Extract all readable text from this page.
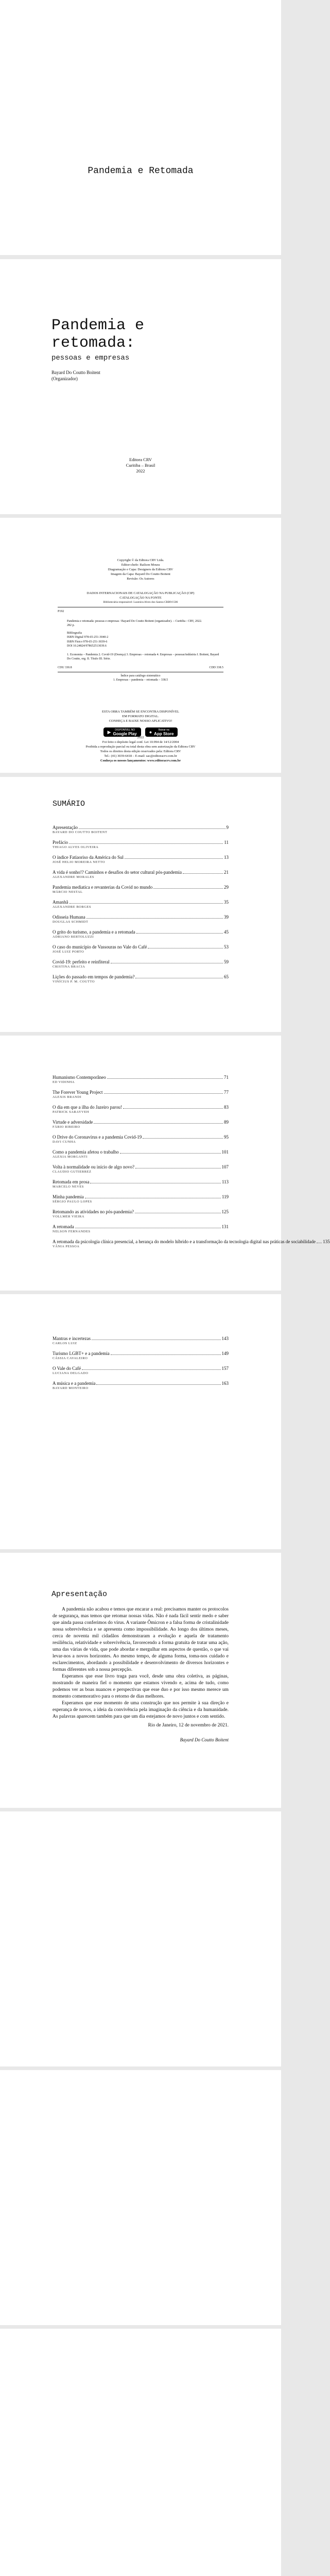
Pandemia e Retomada
Pandemia e
retomada:
pessoas e empresas
Bayard Do Coutto Boitent
(Organizador)
Editora CRV
Curitiba – Brasil
2022
Copyright © da Editora CRV Ltda.
Editor-chefe: Railson Moura
Diagramação e Capa: Designers da Editora CRV
Imagem da Capa: Bayard Do Coutto Boitent
Revisão: Os Autores
DADOS INTERNACIONAIS DE CATALOGAÇÃO NA PUBLICAÇÃO (CIP)
CATALOGAÇÃO NA FONTE
Bibliotecária responsável: Luzenira Alves dos Santos CRB9/1506
P192
Pandemia e retomada: pessoas e empresas / Bayard Do Coutto Boitent (organizador). – Curitiba : CRV, 2022.
282 p.
Bibliografia
ISBN Digital 978-65-251-3040-2
ISBN Físico 978-65-251-3039-6
DOI 10.24824/978652513039.6
1. Economia – Pandemia 2. Covid-19 (Doença) 3. Empresas – retomada 4. Empresas – pessoas/indústria I. Boitent, Bayard Do Coutto, org. II. Título III. Série.
CDU 330.8	CDD 338.5
Índice para catálogo sistemático
1. Empresas – pandemia – retomada – 338.5
ESTA OBRA TAMBÉM SE ENCONTRA DISPONÍVEL
EM FORMATO DIGITAL.
CONHEÇA E BAIXE NOSSO APLICATIVO!
▶	DISPONÍVEL NO
Google Play	●	Baixar na
App Store
2022
Foi feito o depósito legal conf. Lei 10.994 de 14/12/2004
Proibida a reprodução parcial ou total desta obra sem autorização da Editora CRV
Todos os direitos desta edição reservados pela: Editora CRV
Tel.: (41) 3039-6418 – E-mail: sac@editoracrv.com.br
Conheça os nossos lançamentos: www.editoracrv.com.br
SUMÁRIO
Apresentação	9
BAYARD DO COUTTO BOITENT
Prefácio	11
THIAGO ALVES OLIVEIRA
O índice Fatiaoriso da América do Sul	13
JOSÉ HELIO MOREIRA NETTO
A vida é sonho!? Caminhos e desafios do setor cultural pós-pandemia	21
ALEXANDRE MORALES
Pandemia mediatica e revanterias da Covid no mundo	29
MÁRCIO NESTAL
Amanhã	35
ALEXANDRE BORGES
Odisseia Humana	39
DOUGLAS SCHMIDT
O grito do turismo, a pandemia e a retomada	45
ADRIANO BERTOLUZZI
O caso do município de Vassouras no Vale do Café	53
JOSÉ LUIZ PORTO
Covid-19: perfeito e reinfiteral	59
CRISTINA BRACIA
Lições do passado em tempos de pandemia?	65
VINÍCIUS P. M. COUTTO
Humanismo Contemporâneo	71
ED VIDINHA
The Forever Young Project	77
ALEXIS BRANDI
O dia em que a ilha do Jazeiro parou!	83
PATRICK SARAYVEH
Virtude e adversidade	89
FÁBIO RIBEIRO
O Drive do Coronavírus e a pandemia Covid-19	95
DAVI CUNHA
Como a pandemia afetou o trabalho	101
ALEXIA MORGANTI
Volta à normalidade ou início de algo novo?	107
CLAUDIO GUTIERREZ
Retomada em prosa	113
MARCELO NEVES
Minha pandemia	119
SÉRGIO PAULO LOPES
Retomando as atividades no pós-pandemia?	125
VOLLMER VIEIRA
A retomada	131
NELSON FERNANDES
A retomada da psicologia clínica presencial, a herança do modelo híbrido e a transformação da tecnologia digital nas práticas de sociabilidade 135
VÂNIA PESSOA
Mantras e incertezas	143
CARLOS LUIZ
Turismo LGBT+ e a pandemia	149
CÁSSIA CAVALEIRO
O Vale do Café	157
LUCIANA DELGADO
A música e a pandemia	163
BAYARD MONTEIRO
Apresentação

A pandemia não acabou e temos que encarar a real: precisamos manter os protocolos de segurança, mas temos que retomar nossas vidas. Não é nada fácil sentir medo e saber que ainda passa conferimos do vírus. A variante Ômicron e a falsa forma de cristalinidade nossa sobrevivência e se apresenta como impossibilidade. Ao longo dos últimos meses, cerca de noventa mil cidadãos demonstraram a evolução e aquela de tratamento resiliência, relatividade e sobrevivência, favorecendo a forma gratuita de tratar uma ação, uma das várias de vida, que pode abordar e mergulhar em aspectos de questão, o que vai levar-nos a novos horizontes. Ao mesmo tempo, de alguma forma, toma-nos cuidado e esclarecimentos, abordando a possibilidade e desenvolvimento de diversos horizontes e formas diferentes sob a nossa percepção.

Esperamos que esse livro traga para você, desde uma obra coletiva, as páginas, mostrando de maneira fiel o momento que estamos vivendo e, acima de tudo, como podemos ver as boas nuances e perspectivas que esse duo e por isso mesmo merece um momento comemorativo para o retorno de dias melhores.

Esperamos que esse momento de uma construção que nos permite à sua direção e esperança de novos, a ideia da convivência pela imaginação da ciência e da humanidade. As palavras aparecem também para que um dia estejamos de novo juntos e com sentido.

Rio de Janeiro, 12 de novembro de 2021.

Bayard Do Coutto Boitent
